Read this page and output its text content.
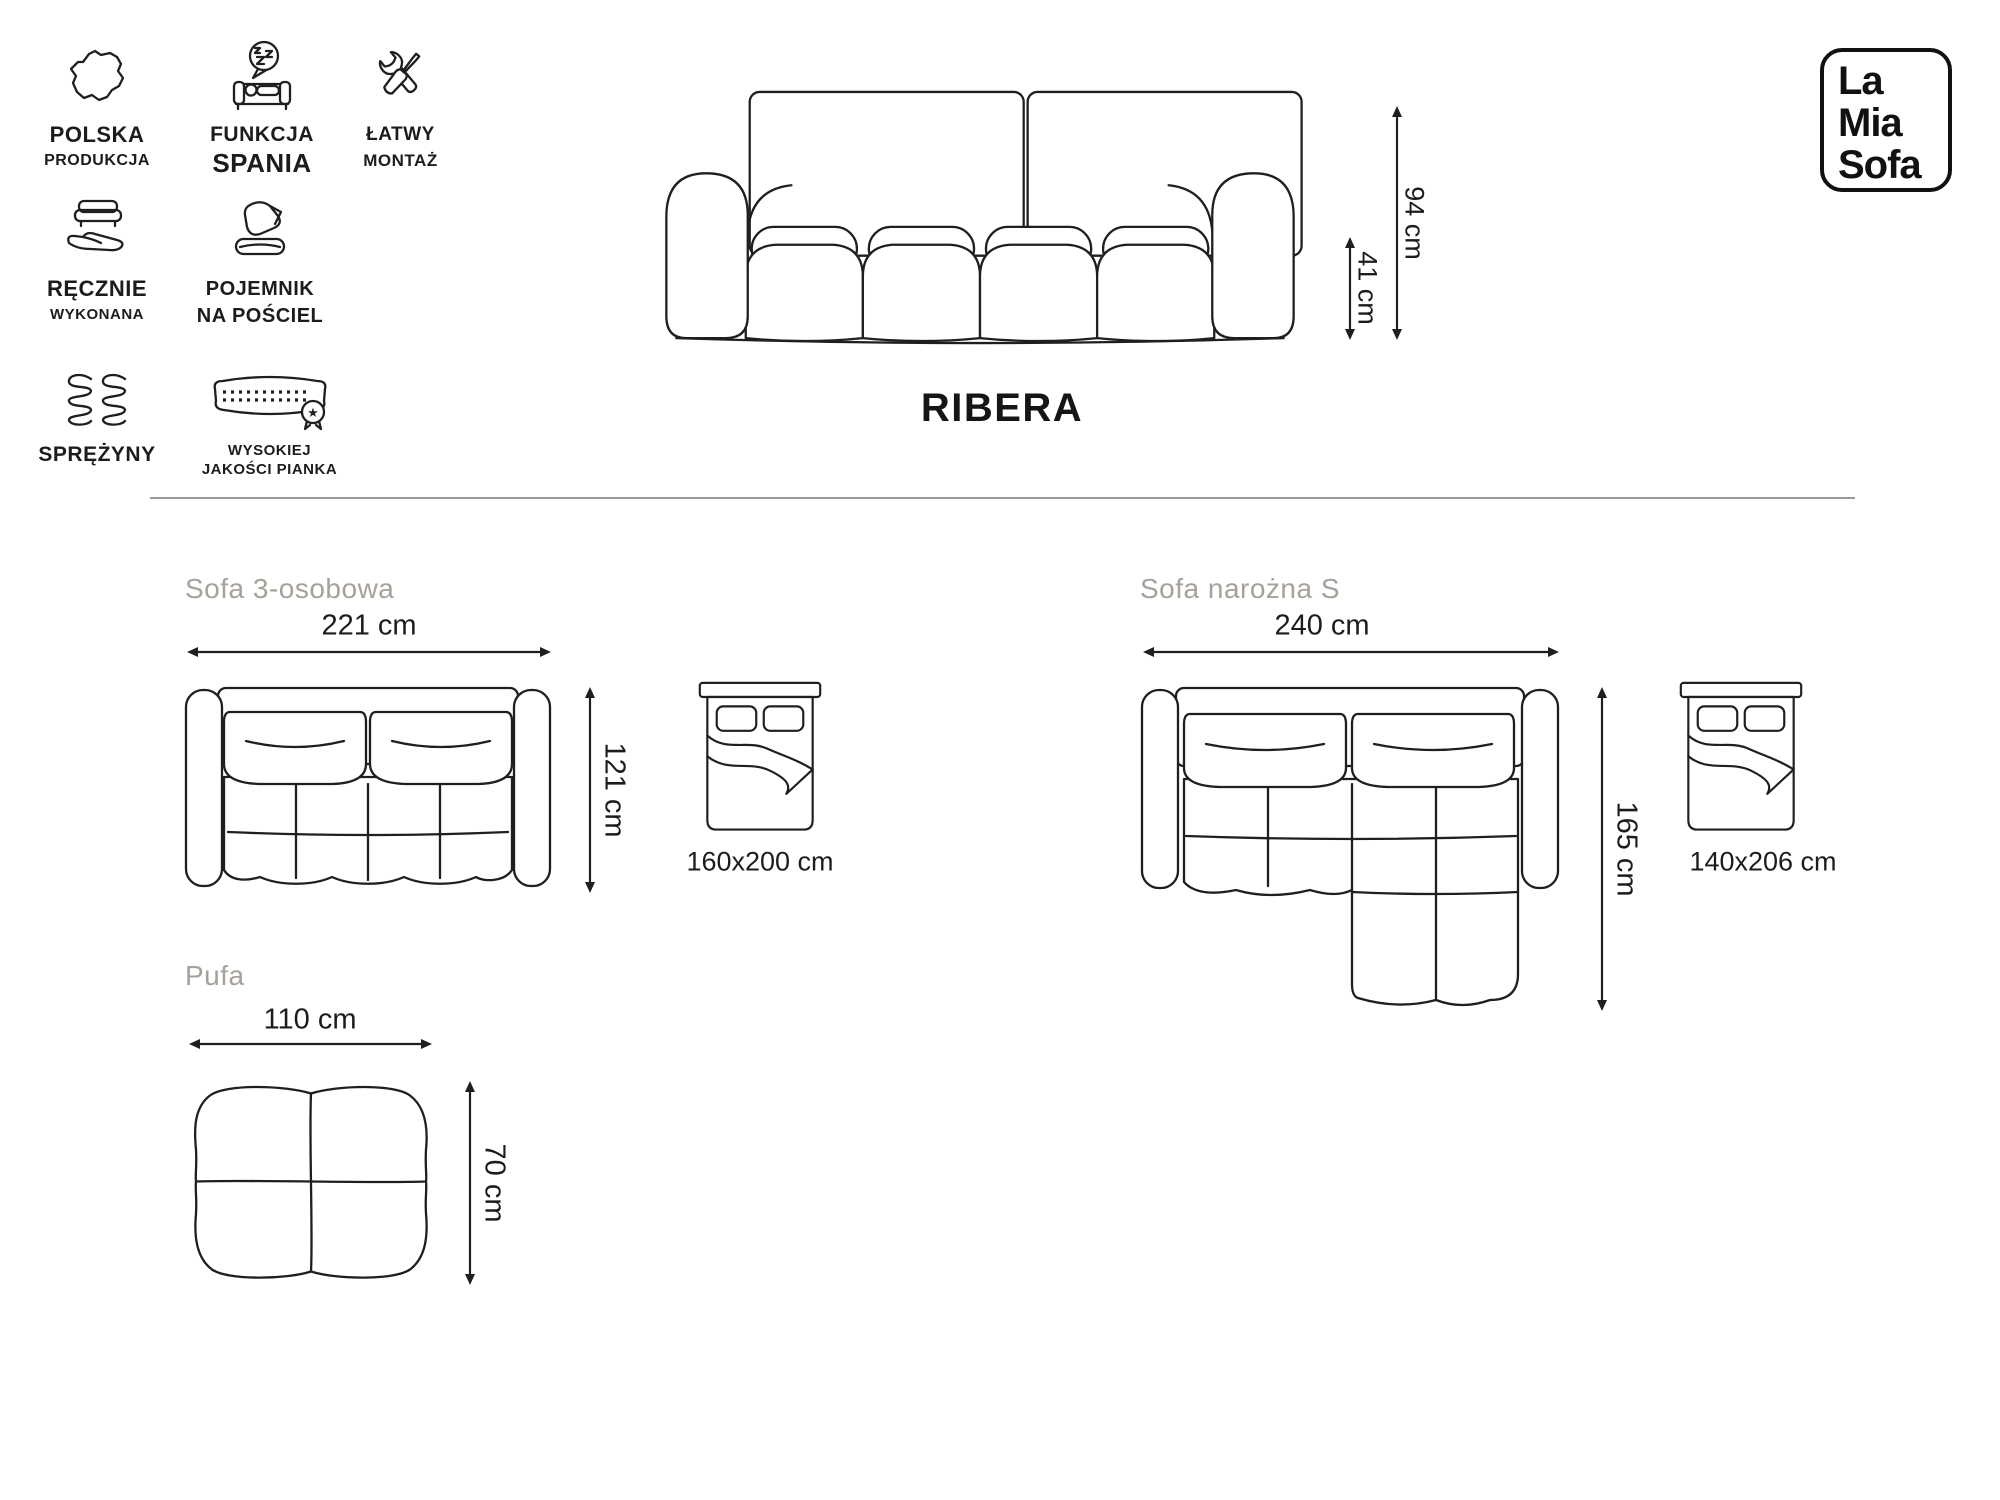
POLSKA
PRODUKCJA
FUNKCJA
SPANIA
ŁATWY
MONTAŻ
RĘCZNIE
WYKONANA
POJEMNIK
NA POŚCIEL
SPRĘŻYNY
★
WYSOKIEJ
JAKOŚCI PIANKA
94 cm
41 cm
RIBERA
La
Mia
Sofa
Sofa 3-osobowa
221 cm
121 cm
160x200 cm
Sofa narożna S
240 cm
165 cm 140x206 cm
Pufa
110 cm
70 cm
